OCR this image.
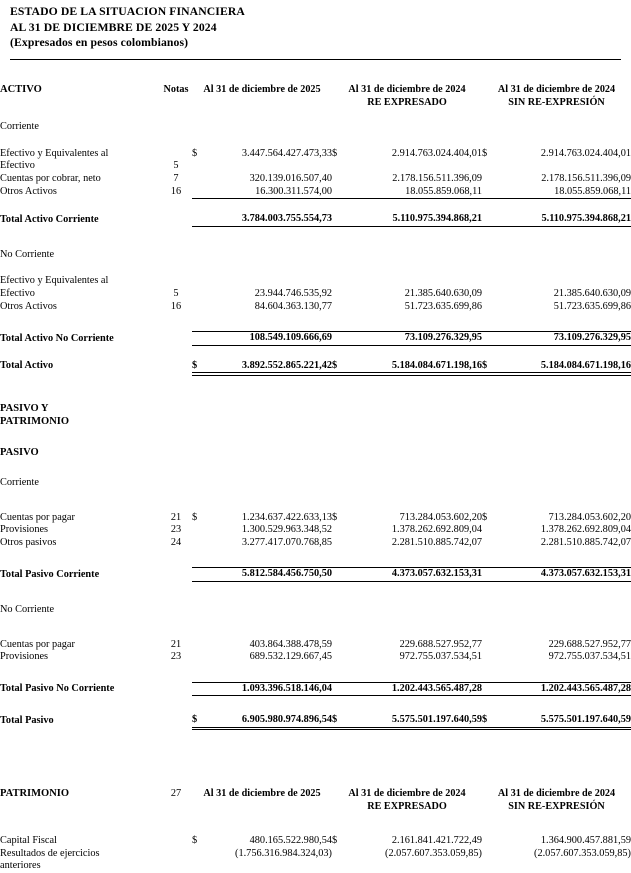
ESTADO DE LA SITUACION FINANCIERA
AL 31 DE DICIEMBRE DE 2025 Y 2024
(Expresados en pesos colombianos)
ACTIVO	Notas	Al 31 de diciembre de 2025		Al 31 de diciembre de 2024		Al 31 de diciembre de 2024	
				RE EXPRESADO		SIN RE-EXPRESIÓN	

Corriente							

Efectivo y Equivalentes al		$	3.447.564.427.473,33	$	2.914.763.024.404,01	$	2.914.763.024.404,01
Efectivo	5						
Cuentas por cobrar, neto	7		320.139.016.507,40		2.178.156.511.396,09		2.178.156.511.396,09
Otros Activos	16		16.300.311.574,00		18.055.859.068,11		18.055.859.068,11

Total Activo Corriente			3.784.003.755.554,73		5.110.975.394.868,21		5.110.975.394.868,21

No Corriente							

Efectivo y Equivalentes al							
Efectivo	5		23.944.746.535,92		21.385.640.630,09		21.385.640.630,09
Otros Activos	16		84.604.363.130,77		51.723.635.699,86		51.723.635.699,86

Total Activo No Corriente			108.549.109.666,69		73.109.276.329,95		73.109.276.329,95

Total Activo		$	3.892.552.865.221,42	$	5.184.084.671.198,16	$	5.184.084.671.198,16

PASIVO Y							
PATRIMONIO							

PASIVO							

Corriente							

Cuentas por pagar	21	$	1.234.637.422.633,13	$	713.284.053.602,20	$	713.284.053.602,20
Provisiones	23		1.300.529.963.348,52		1.378.262.692.809,04		1.378.262.692.809,04
Otros pasivos	24		3.277.417.070.768,85		2.281.510.885.742,07		2.281.510.885.742,07

Total Pasivo Corriente			5.812.584.456.750,50		4.373.057.632.153,31		4.373.057.632.153,31

No Corriente							

Cuentas por pagar	21		403.864.388.478,59		229.688.527.952,77		229.688.527.952,77
Provisiones	23		689.532.129.667,45		972.755.037.534,51		972.755.037.534,51

Total Pasivo No Corriente			1.093.396.518.146,04		1.202.443.565.487,28		1.202.443.565.487,28

Total Pasivo		$	6.905.980.974.896,54	$	5.575.501.197.640,59	$	5.575.501.197.640,59

PATRIMONIO	27	Al 31 de diciembre de 2025		Al 31 de diciembre de 2024		Al 31 de diciembre de 2024	
				RE EXPRESADO		SIN RE-EXPRESIÓN	

Capital Fiscal		$	480.165.522.980,54	$	2.161.841.421.722,49		1.364.900.457.881,59
Resultados de ejercicios			(1.756.316.984.324,03)		(2.057.607.353.059,85)		(2.057.607.353.059,85)
anteriores							
